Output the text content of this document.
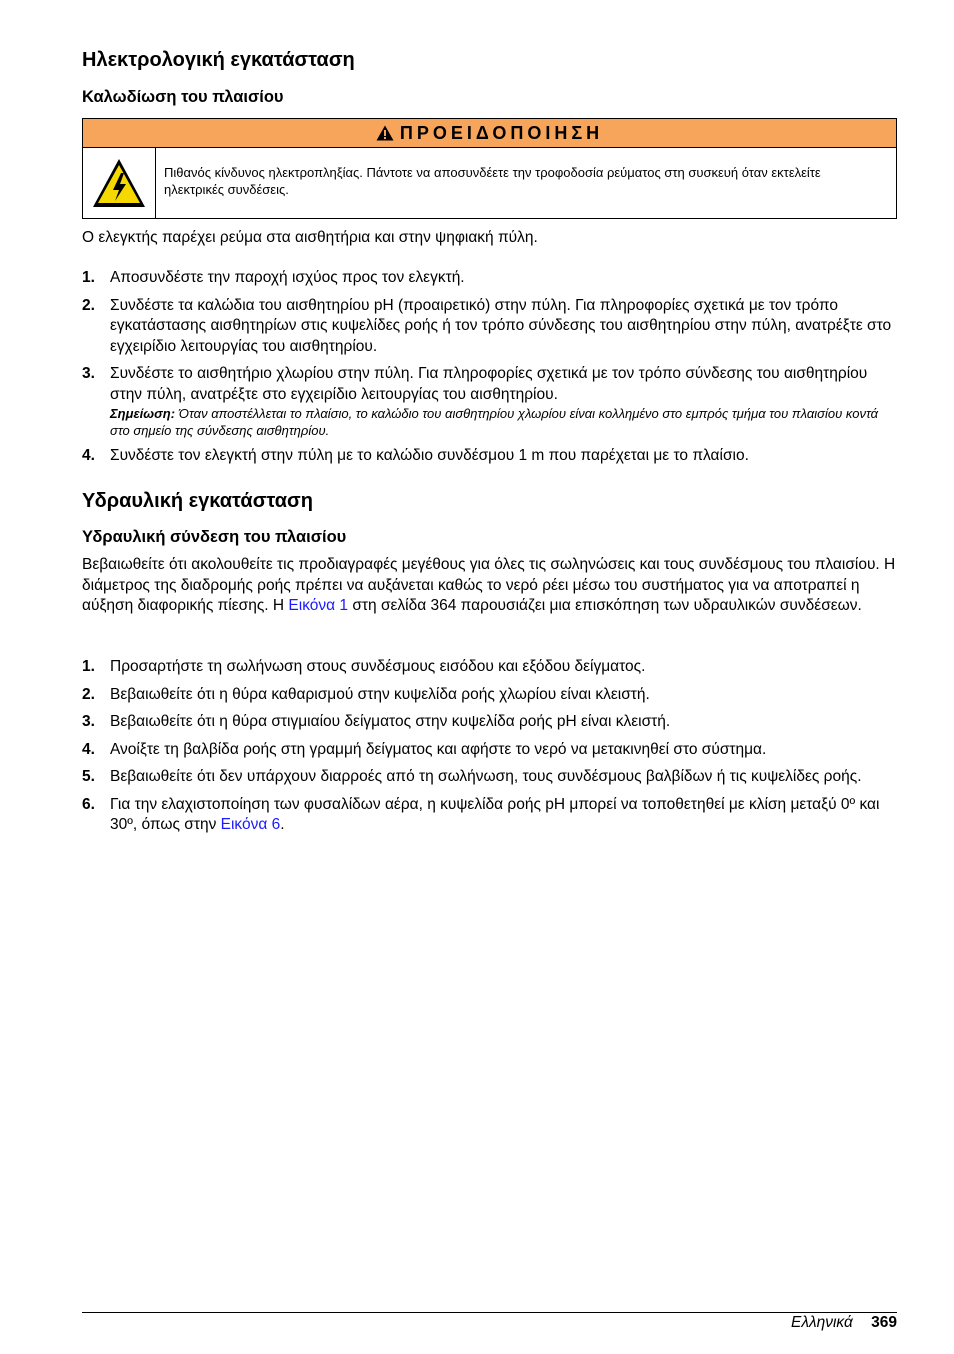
Ηλεκτρολογική εγκατάσταση
Καλωδίωση του πλαισίου
ΠΡΟΕΙΔΟΠΟΙΗΣΗ
Πιθανός κίνδυνος ηλεκτροπληξίας. Πάντοτε να αποσυνδέετε την τροφοδοσία ρεύματος στη συσκευή όταν εκτελείτε ηλεκτρικές συνδέσεις.

Ο ελεγκτής παρέχει ρεύμα στα αισθητήρια και στην ψηφιακή πύλη.

1. Αποσυνδέστε την παροχή ισχύος προς τον ελεγκτή.
2. Συνδέστε τα καλώδια του αισθητηρίου pH (προαιρετικό) στην πύλη. Για πληροφορίες σχετικά με τον τρόπο εγκατάστασης αισθητηρίων στις κυψελίδες ροής ή τον τρόπο σύνδεσης του αισθητηρίου στην πύλη, ανατρέξτε στο εγχειρίδιο λειτουργίας του αισθητηρίου.
3. Συνδέστε το αισθητήριο χλωρίου στην πύλη. Για πληροφορίες σχετικά με τον τρόπο σύνδεσης του αισθητηρίου στην πύλη, ανατρέξτε στο εγχειρίδιο λειτουργίας του αισθητηρίου.
Σημείωση: Όταν αποστέλλεται το πλαίσιο, το καλώδιο του αισθητηρίου χλωρίου είναι κολλημένο στο εμπρός τμήμα του πλαισίου κοντά στο σημείο της σύνδεσης αισθητηρίου.
4. Συνδέστε τον ελεγκτή στην πύλη με το καλώδιο συνδέσμου 1 m που παρέχεται με το πλαίσιο.
Υδραυλική εγκατάσταση
Υδραυλική σύνδεση του πλαισίου

Βεβαιωθείτε ότι ακολουθείτε τις προδιαγραφές μεγέθους για όλες τις σωληνώσεις και τους συνδέσμους του πλαισίου. Η διάμετρος της διαδρομής ροής πρέπει να αυξάνεται καθώς το νερό ρέει μέσω του συστήματος για να αποτραπεί η αύξηση διαφορικής πίεσης. Η Εικόνα 1 στη σελίδα 364 παρουσιάζει μια επισκόπηση των υδραυλικών συνδέσεων.

1. Προσαρτήστε τη σωλήνωση στους συνδέσμους εισόδου και εξόδου δείγματος.
2. Βεβαιωθείτε ότι η θύρα καθαρισμού στην κυψελίδα ροής χλωρίου είναι κλειστή.
3. Βεβαιωθείτε ότι η θύρα στιγμιαίου δείγματος στην κυψελίδα ροής pH είναι κλειστή.
4. Ανοίξτε τη βαλβίδα ροής στη γραμμή δείγματος και αφήστε το νερό να μετακινηθεί στο σύστημα.
5. Βεβαιωθείτε ότι δεν υπάρχουν διαρροές από τη σωλήνωση, τους συνδέσμους βαλβίδων ή τις κυψελίδες ροής.
6. Για την ελαχιστοποίηση των φυσαλίδων αέρα, η κυψελίδα ροής pH μπορεί να τοποθετηθεί με κλίση μεταξύ 0º και 30º, όπως στην Εικόνα 6.
Ελληνικά 369
